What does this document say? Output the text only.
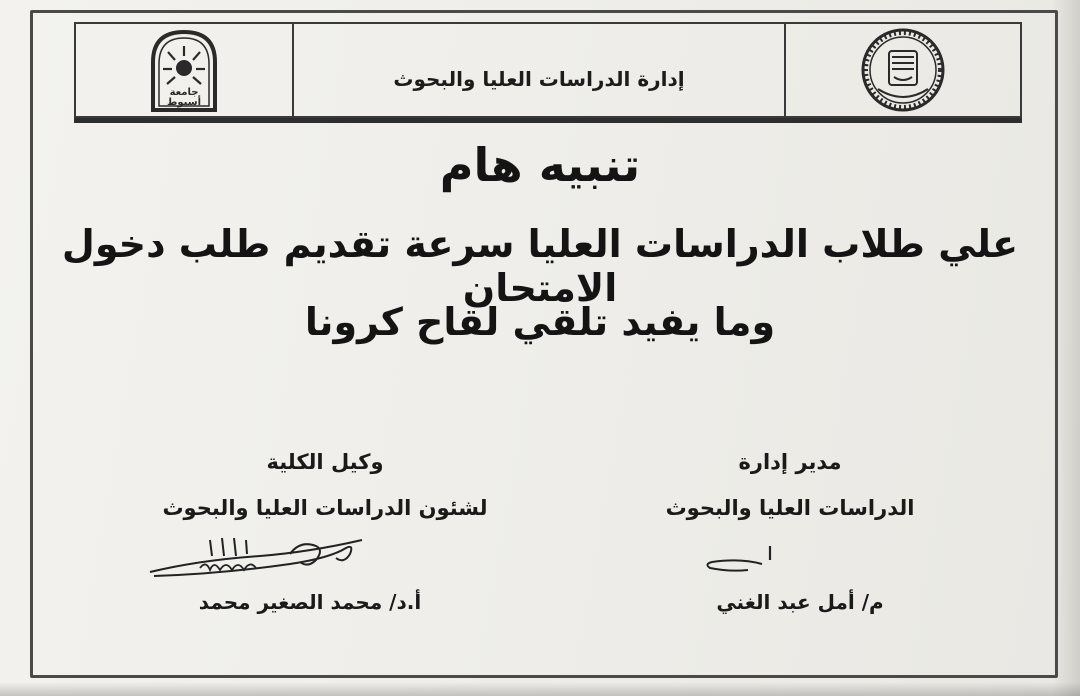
جامعة
أسيوط
إدارة الدراسات العليا والبحوث
تنبيه هام
علي طلاب الدراسات العليا سرعة تقديم طلب دخول الامتحان
وما يفيد تلقي لقاح كرونا
مدير إدارة
الدراسات العليا والبحوث
وكيل الكلية
لشئون الدراسات العليا والبحوث
م/ أمل عبد الغني
أ.د/ محمد الصغير محمد
